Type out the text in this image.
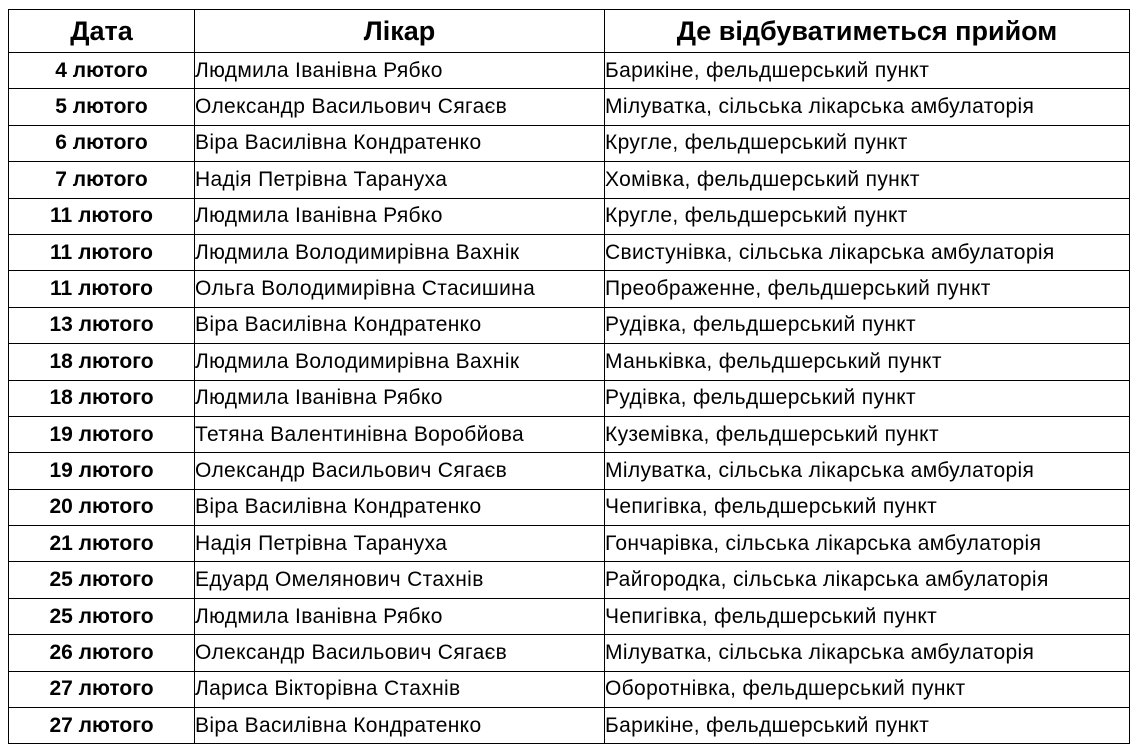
Дата	Лікар	Де відбуватиметься прийом
4 лютого	Людмила Іванівна Рябко	Барикіне, фельдшерський пункт
5 лютого	Олександр Васильович Сягаєв	Мілуватка, сільська лікарська амбулаторія
6 лютого	Віра Василівна Кондратенко	Кругле, фельдшерський пункт
7 лютого	Надія Петрівна Тарануха	Хомівка, фельдшерський пункт
11 лютого	Людмила Іванівна Рябко	Кругле, фельдшерський пункт
11 лютого	Людмила Володимирівна Вахнік	Свистунівка, сільська лікарська амбулаторія
11 лютого	Ольга Володимирівна Стасишина	Преображенне, фельдшерський пункт
13 лютого	Віра Василівна Кондратенко	Рудівка, фельдшерський пункт
18 лютого	Людмила Володимирівна Вахнік	Маньківка, фельдшерський пункт
18 лютого	Людмила Іванівна Рябко	Рудівка, фельдшерський пункт
19 лютого	Тетяна Валентинівна Воробйова	Куземівка, фельдшерський пункт
19 лютого	Олександр Васильович Сягаєв	Мілуватка, сільська лікарська амбулаторія
20 лютого	Віра Василівна Кондратенко	Чепигівка, фельдшерський пункт
21 лютого	Надія Петрівна Тарануха	Гончарівка, сільська лікарська амбулаторія
25 лютого	Едуард Омелянович Стахнів	Райгородка, сільська лікарська амбулаторія
25 лютого	Людмила Іванівна Рябко	Чепигівка, фельдшерський пункт
26 лютого	Олександр Васильович Сягаєв	Мілуватка, сільська лікарська амбулаторія
27 лютого	Лариса Вікторівна Стахнів	Оборотнівка, фельдшерський пункт
27 лютого	Віра Василівна Кондратенко	Барикіне, фельдшерський пункт
